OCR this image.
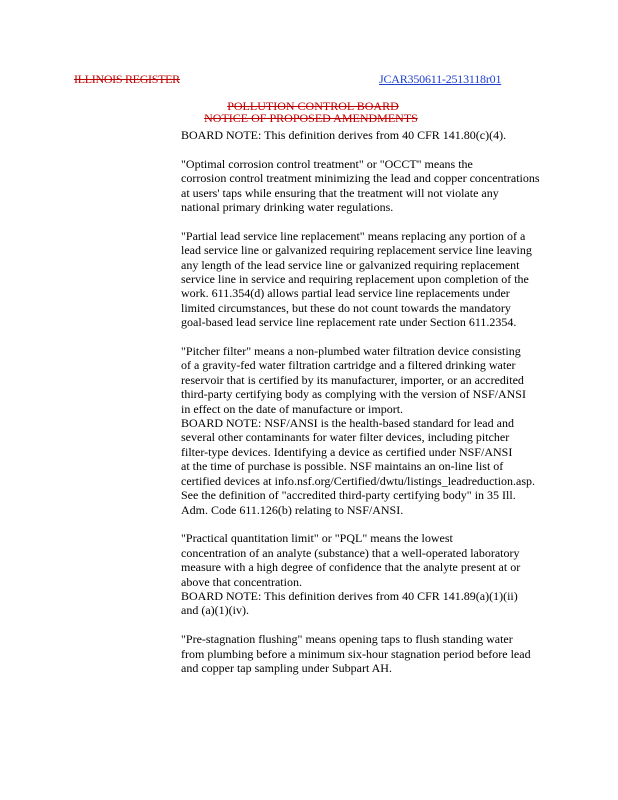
ILLINOIS REGISTER	JCAR350611-2513118r01
POLLUTION CONTROL BOARD
NOTICE OF PROPOSED AMENDMENTS
BOARD NOTE: This definition derives from 40 CFR 141.80(c)(4).
"Optimal corrosion control treatment" or "OCCT" means the
corrosion control treatment minimizing the lead and copper concentrations
at users' taps while ensuring that the treatment will not violate any
national primary drinking water regulations.
"Partial lead service line replacement" means replacing any portion of a
lead service line or galvanized requiring replacement service line leaving
any length of the lead service line or galvanized requiring replacement
service line in service and requiring replacement upon completion of the
work. 611.354(d) allows partial lead service line replacements under
limited circumstances, but these do not count towards the mandatory
goal-based lead service line replacement rate under Section 611.2354.
"Pitcher filter" means a non-plumbed water filtration device consisting
of a gravity-fed water filtration cartridge and a filtered drinking water
reservoir that is certified by its manufacturer, importer, or an accredited
third-party certifying body as complying with the version of NSF/ANSI
in effect on the date of manufacture or import.
BOARD NOTE: NSF/ANSI is the health-based standard for lead and
several other contaminants for water filter devices, including pitcher
filter-type devices. Identifying a device as certified under NSF/ANSI
at the time of purchase is possible. NSF maintains an on-line list of
certified devices at info.nsf.org/Certified/dwtu/listings_leadreduction.asp.
See the definition of "accredited third-party certifying body" in 35 Ill.
Adm. Code 611.126(b) relating to NSF/ANSI.
"Practical quantitation limit" or "PQL" means the lowest
concentration of an analyte (substance) that a well-operated laboratory
measure with a high degree of confidence that the analyte present at or
above that concentration.
BOARD NOTE: This definition derives from 40 CFR 141.89(a)(1)(ii)
and (a)(1)(iv).
"Pre-stagnation flushing" means opening taps to flush standing water
from plumbing before a minimum six-hour stagnation period before lead
and copper tap sampling under Subpart AH.
